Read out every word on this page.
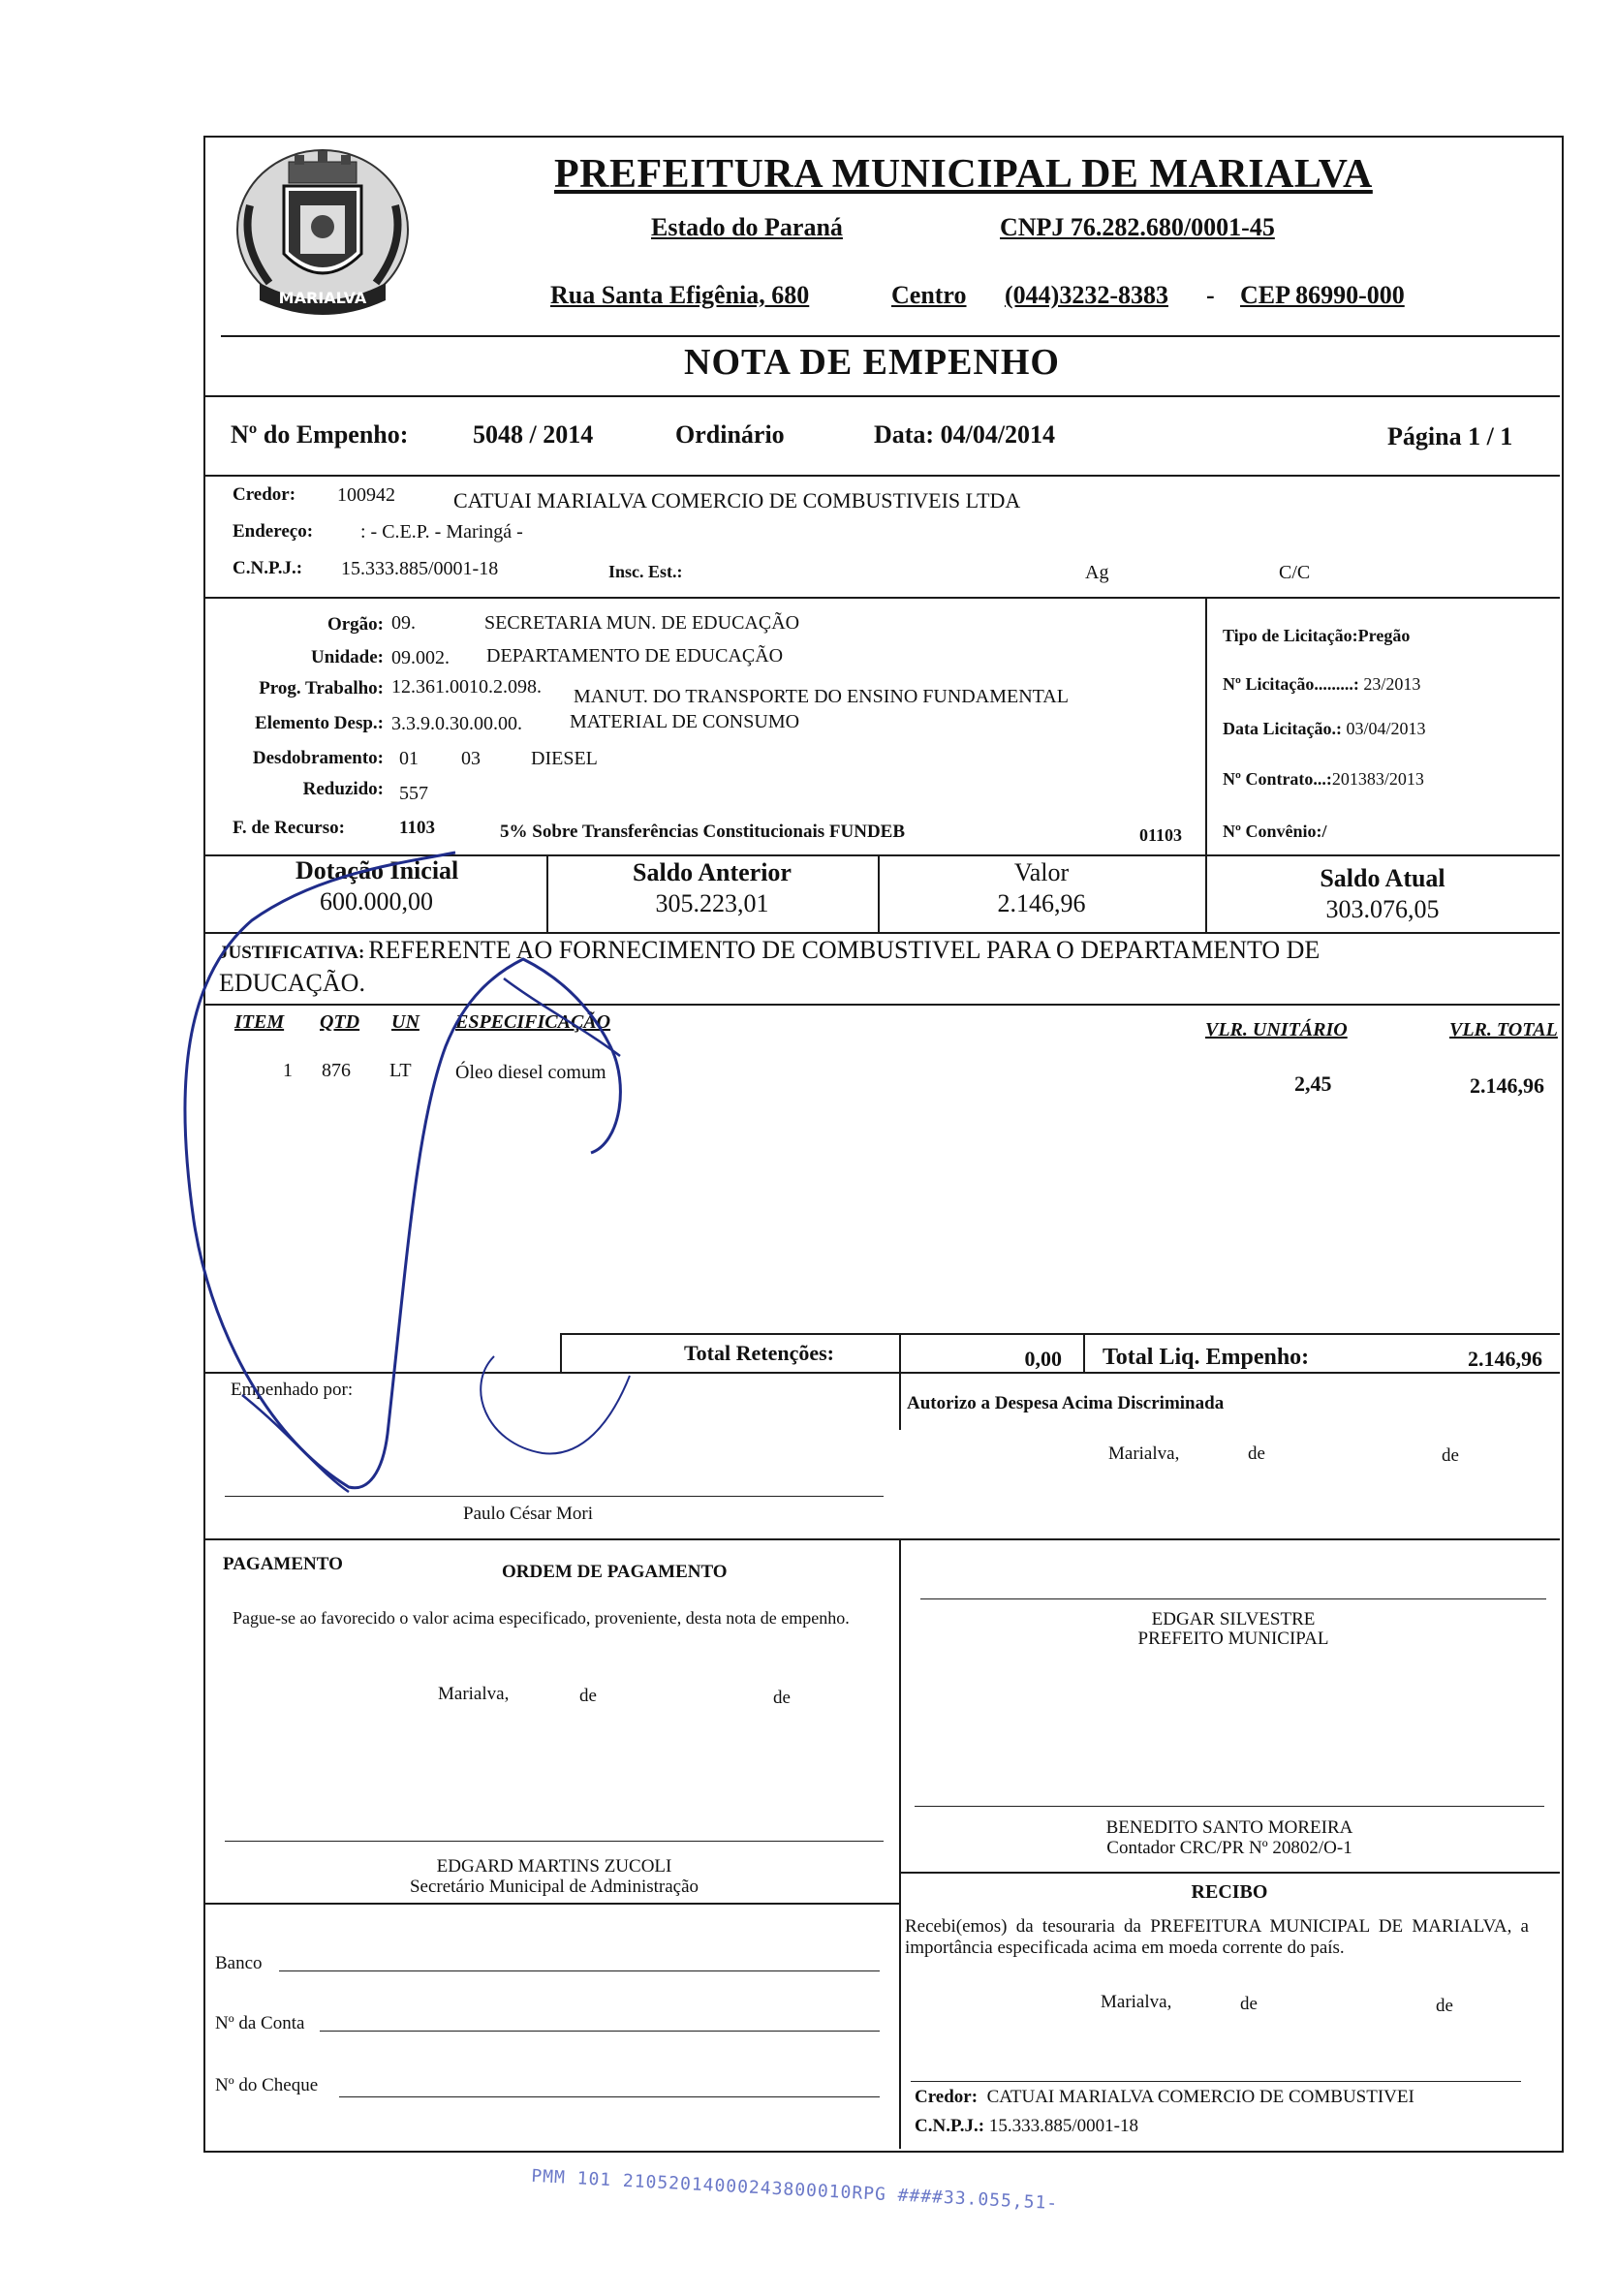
MARIALVA
PREFEITURA MUNICIPAL DE MARIALVA
Estado do Paraná	CNPJ 76.282.680/0001-45
Rua Santa Efigênia, 680	Centro (044)3232-8383 - CEP 86990-000
NOTA DE EMPENHO
Nº do Empenho:	5048 / 2014	Ordinário	Data: 04/04/2014	Página 1 / 1
Credor: 100942	CATUAI MARIALVA COMERCIO DE COMBUSTIVEIS LTDA
Endereço: : - C.E.P. - Maringá -
C.N.P.J.: 15.333.885/0001-18	Insc. Est.:	Ag	C/C
Orgão: 09.	SECRETARIA MUN. DE EDUCAÇÃO
Unidade: 09.002. DEPARTAMENTO DE EDUCAÇÃO
Prog. Trabalho: 12.361.0010.2.098. MANUT. DO TRANSPORTE DO ENSINO FUNDAMENTAL
Elemento Desp.: 3.3.9.0.30.00.00. MATERIAL DE CONSUMO
Desdobramento: 01 03	DIESEL
Reduzido: 557
F. de Recurso:	1103	5% Sobre Transferências Constitucionais FUNDEB	01103
Tipo de Licitação:Pregão
Nº Licitação.........: 23/2013
Data Licitação.: 03/04/2013
Nº Contrato...:201383/2013
Nº Convênio:/
Dotação Inicial
600.000,00
Saldo Anterior
305.223,01
Valor
2.146,96
Saldo Atual
303.076,05
JUSTIFICATIVA: REFERENTE AO FORNECIMENTO DE COMBUSTIVEL PARA O DEPARTAMENTO DE
EDUCAÇÃO.
ITEM QTD UN ESPECIFICAÇÃO	VLR. UNITÁRIO	VLR. TOTAL
1 876 LT Óleo diesel comum	2,45	2.146,96
Total Retenções:	0,00 Total Liq. Empenho:	2.146,96
Empenhado por:
Paulo César Mori
Autorizo a Despesa Acima Discriminada
Marialva,	de	de
PAGAMENTO	ORDEM DE PAGAMENTO
Pague-se ao favorecido o valor acima especificado, proveniente, desta nota de empenho.
Marialva,	de	de
EDGAR SILVESTRE
PREFEITO MUNICIPAL
BENEDITO SANTO MOREIRA
Contador CRC/PR Nº 20802/O-1
EDGARD MARTINS ZUCOLI
Secretário Municipal de Administração
Banco
Nº da Conta
Nº do Cheque
RECIBO
Recebi(emos) da tesouraria da PREFEITURA MUNICIPAL DE MARIALVA, a importância especificada acima em moeda corrente do país.
Marialva,	de	de
Credor: CATUAI MARIALVA COMERCIO DE COMBUSTIVEI
C.N.P.J.: 15.333.885/0001-18
PMM 101 21052014000243800010RPG ####33.055,51-
